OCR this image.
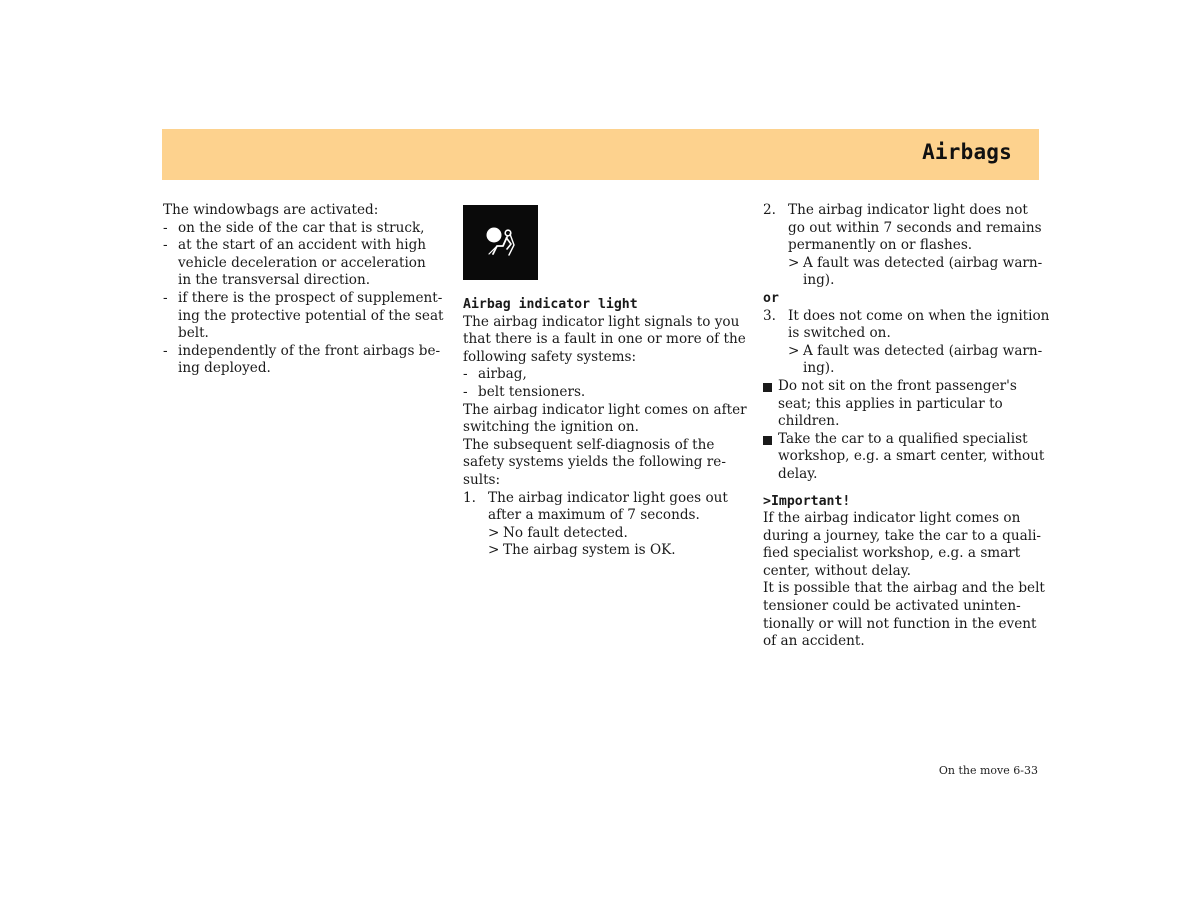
Airbags
The windowbags are activated:
- on the side of the car that is struck,
- at the start of an accident with high
vehicle deceleration or acceleration
in the transversal direction.
- if there is the prospect of supplement-
ing the protective potential of the seat
belt.
- independently of the front airbags be-
ing deployed.
Airbag indicator light
The airbag indicator light signals to you
that there is a fault in one or more of the
following safety systems:
- airbag,
- belt tensioners.
The airbag indicator light comes on after
switching the ignition on.
The subsequent self-diagnosis of the
safety systems yields the following re-
sults:
1. The airbag indicator light goes out
after a maximum of 7 seconds.
> No fault detected.
> The airbag system is OK.
2. The airbag indicator light does not
go out within 7 seconds and remains
permanently on or flashes.
> A fault was detected (airbag warn-
ing).
or
3. It does not come on when the ignition
is switched on.
> A fault was detected (airbag warn-
ing).
Do not sit on the front passenger's
seat; this applies in particular to
children.
Take the car to a qualified specialist
workshop, e.g. a smart center, without
delay.
>Important!
If the airbag indicator light comes on
during a journey, take the car to a quali-
fied specialist workshop, e.g. a smart
center, without delay.
It is possible that the airbag and the belt
tensioner could be activated uninten-
tionally or will not function in the event
of an accident.
On the move 6-33
